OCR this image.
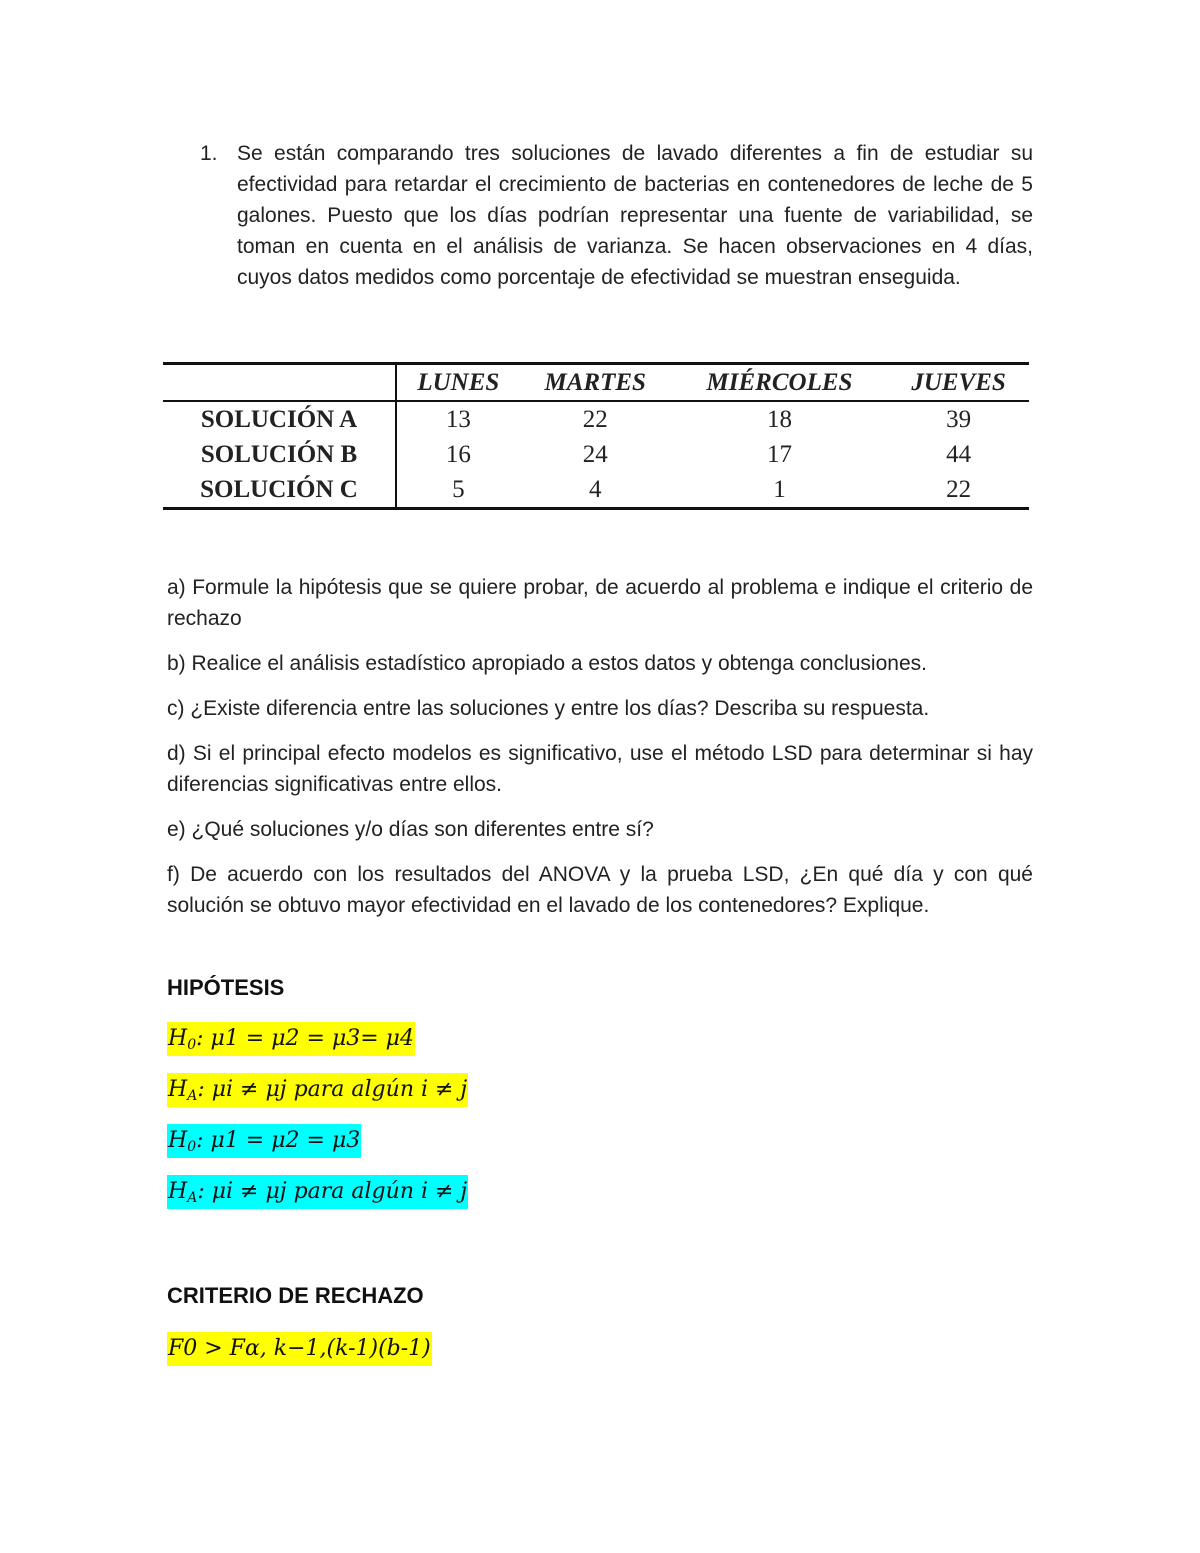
1. Se están comparando tres soluciones de lavado diferentes a fin de estudiar su efectividad para retardar el crecimiento de bacterias en contenedores de leche de 5 galones. Puesto que los días podrían representar una fuente de variabilidad, se toman en cuenta en el análisis de varianza. Se hacen observaciones en 4 días, cuyos datos medidos como porcentaje de efectividad se muestran enseguida.
	LUNES	MARTES	MIÉRCOLES	JUEVES
SOLUCIÓN A	13	22	18	39
SOLUCIÓN B	16	24	17	44
SOLUCIÓN C	5	4	1	22

a) Formule la hipótesis que se quiere probar, de acuerdo al problema e indique el criterio de rechazo

b) Realice el análisis estadístico apropiado a estos datos y obtenga conclusiones.

c) ¿Existe diferencia entre las soluciones y entre los días? Describa su respuesta.

d) Si el principal efecto modelos es significativo, use el método LSD para determinar si hay diferencias significativas entre ellos.

e) ¿Qué soluciones y/o días son diferentes entre sí?

f) De acuerdo con los resultados del ANOVA y la prueba LSD, ¿En qué día y con qué solución se obtuvo mayor efectividad en el lavado de los contenedores? Explique.

HIPÓTESIS
$H_0$: μ1 = μ2 = μ3= μ4
$H_A$: μi ≠ μj para algún i ≠ j
$H_0$: μ1 = μ2 = μ3
$H_A$: μi ≠ μj para algún i ≠ j
CRITERIO DE RECHAZO
F0 > Fα, k−1,(k-1)(b-1)
